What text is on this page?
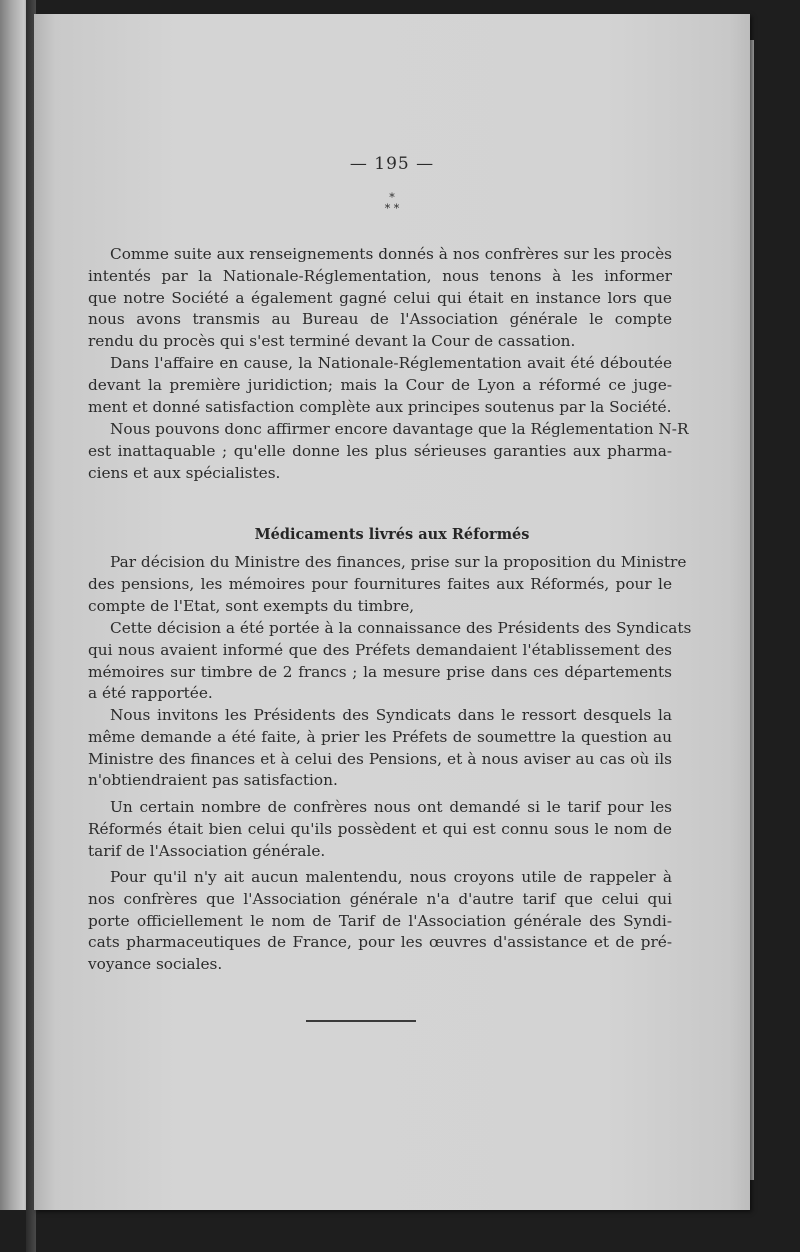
— 195 —
*
* *
Comme suite aux renseignements donnés à nos confrères sur les procès
intentés par la Nationale-Réglementation, nous tenons à les informer
que notre Société a également gagné celui qui était en instance lors que
nous avons transmis au Bureau de l'Association générale le compte
rendu du procès qui s'est terminé devant la Cour de cassation.
Dans l'affaire en cause, la Nationale-Réglementation avait été déboutée
devant la première juridiction; mais la Cour de Lyon a réformé ce juge-
ment et donné satisfaction complète aux principes soutenus par la Société.
Nous pouvons donc affirmer encore davantage que la Réglementation N-R
est inattaquable ; qu'elle donne les plus sérieuses garanties aux pharma-
ciens et aux spécialistes.
Médicaments livrés aux Réformés
Par décision du Ministre des finances, prise sur la proposition du Ministre
des pensions, les mémoires pour fournitures faites aux Réformés, pour le
compte de l'Etat, sont exempts du timbre,
Cette décision a été portée à la connaissance des Présidents des Syndicats
qui nous avaient informé que des Préfets demandaient l'établissement des
mémoires sur timbre de 2 francs ; la mesure prise dans ces départements
a été rapportée.
Nous invitons les Présidents des Syndicats dans le ressort desquels la
même demande a été faite, à prier les Préfets de soumettre la question au
Ministre des finances et à celui des Pensions, et à nous aviser au cas où ils
n'obtiendraient pas satisfaction.
Un certain nombre de confrères nous ont demandé si le tarif pour les
Réformés était bien celui qu'ils possèdent et qui est connu sous le nom de
tarif de l'Association générale.
Pour qu'il n'y ait aucun malentendu, nous croyons utile de rappeler à
nos confrères que l'Association générale n'a d'autre tarif que celui qui
porte officiellement le nom de Tarif de l'Association générale des Syndi-
cats pharmaceutiques de France, pour les œuvres d'assistance et de pré-
voyance sociales.
